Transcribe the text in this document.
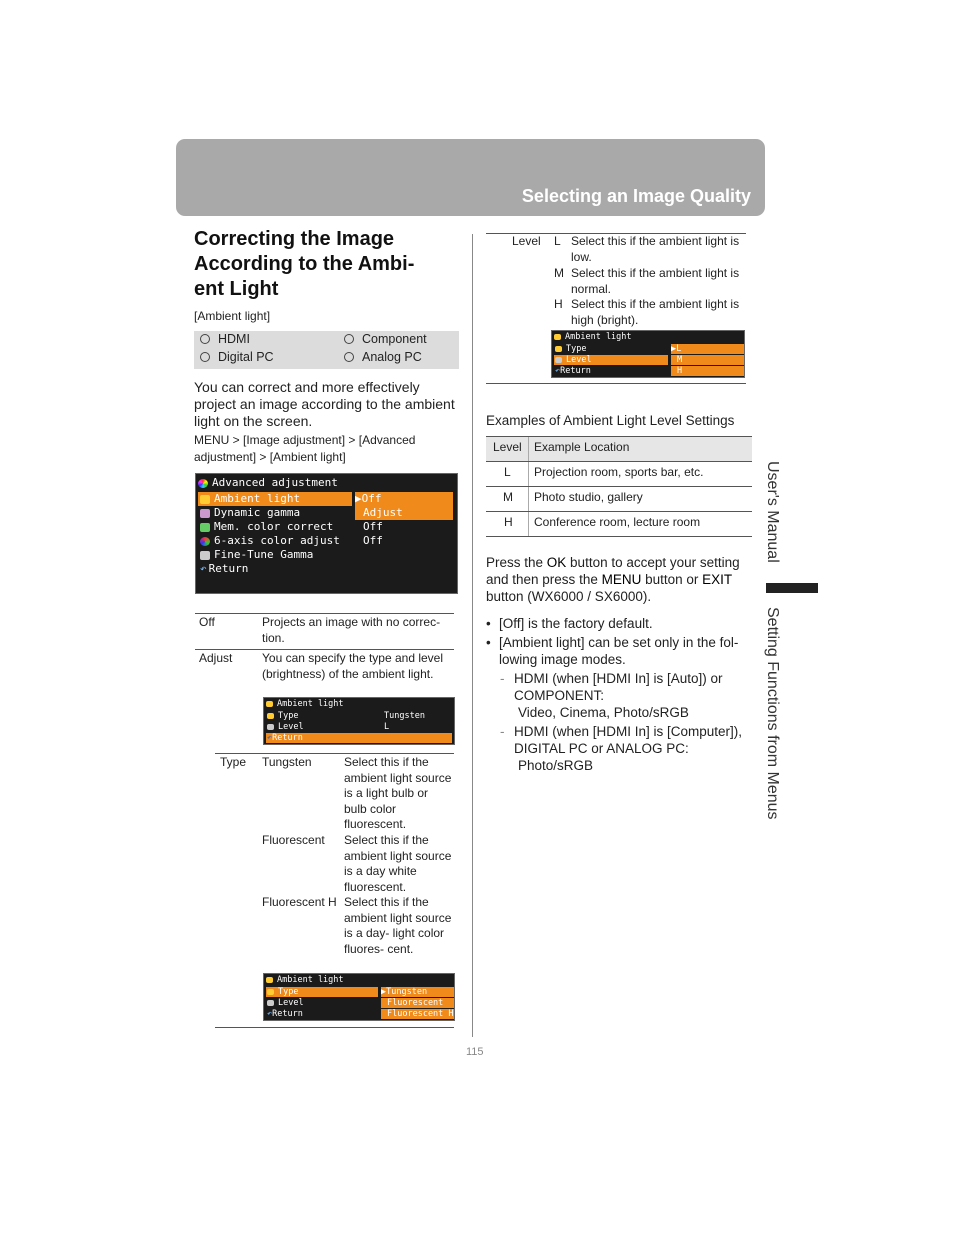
Selecting an Image Quality
User's Manual
Setting Functions from Menus
Correcting the Image
According to the Ambi-
ent Light
[Ambient light]
HDMI	Component
Digital PC	Analog PC
You can correct and more effectively project an image according to the ambient light on the screen.
MENU > [Image adjustment] > [Advanced adjustment] > [Ambient light]
Advanced adjustment
Ambient light	▶Off
Dynamic gamma	Adjust
Mem. color correct	Off
6-axis color adjust Off
Fine-Tune Gamma
↶ Return
Off	Projects an image with no correc- tion.
Adjust You can specify the type and level (brightness) of the ambient light.
Ambient light
Type	Tungsten
Level	L
↶Return
Type Tungsten	Select this if the ambient light source is a light bulb or bulb color fluorescent.
Fluorescent Select this if the ambient light source is a day white fluorescent.
Fluorescent H Select this if the ambient light source is a day- light color fluores- cent.
Ambient light
Type	▶Tungsten
Level	Fluorescent
↶Return	Fluorescent H
Level L Select this if the ambient light is low.
M Select this if the ambient light is normal.
H Select this if the ambient light is high (bright).
Ambient light
Type	▶L
Level	M
↶Return	H
Examples of Ambient Light Level Settings
Level Example Location
L Projection room, sports bar, etc.
M Photo studio, gallery
H Conference room, lecture room
Press the OK button to accept your setting
and then press the MENU button or EXIT
button (WX6000 / SX6000).
• [Off] is the factory default.
• [Ambient light] can be set only in the fol- lowing image modes.
- HDMI (when [HDMI In] is [Auto]) or COMPONENT:
Video, Cinema, Photo/sRGB
- HDMI (when [HDMI In] is [Computer]), DIGITAL PC or ANALOG PC:
Photo/sRGB
115
